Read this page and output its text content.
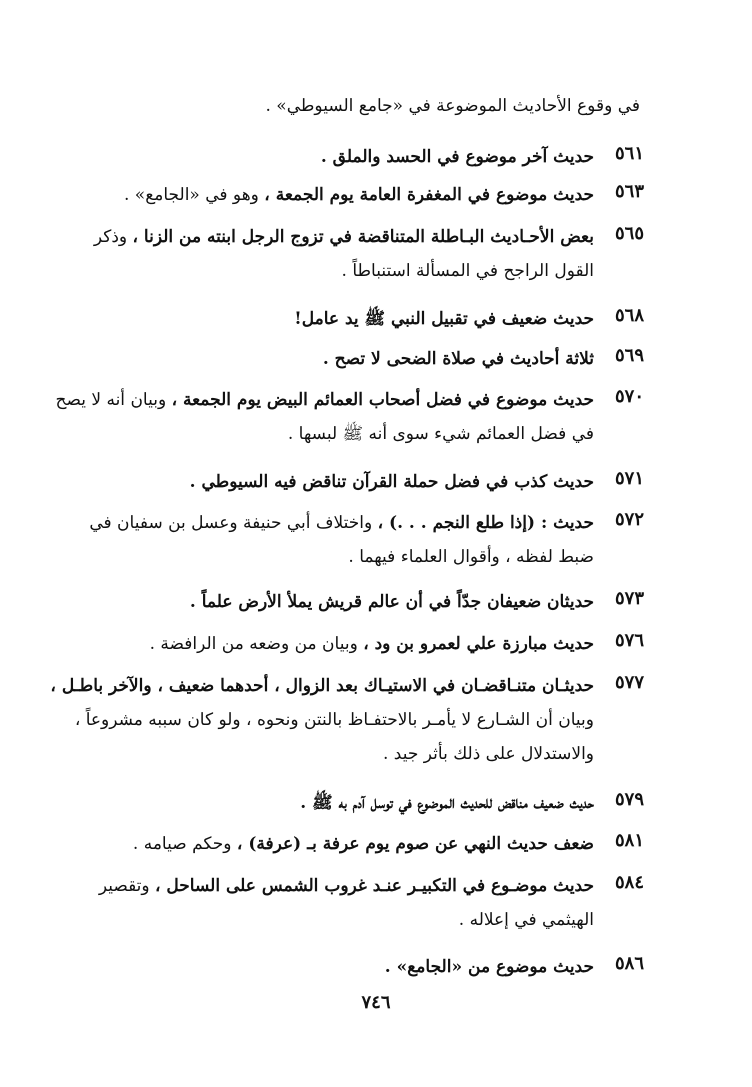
في وقوع الأحاديث الموضوعة في «جامع السيوطي» .
٥٦١
حديث آخر موضوع في الحسد والملق .
٥٦٣
حديث موضوع في المغفرة العامة يوم الجمعة ، وهو في «الجامع» .
٥٦٥
بعض الأحـاديث البـاطلة المتناقضة في تزوج الرجل ابنته من الزنا ، وذكر القول الراجح في المسألة استنباطاً .
٥٦٨
حديث ضعيف في تقبيل النبي ﷺ يد عامل!
٥٦٩
ثلاثة أحاديث في صلاة الضحى لا تصح .
٥٧٠
حديث موضوع في فضل أصحاب العمائم البيض يوم الجمعة ، وبيان أنه لا يصح في فضل العمائم شيء سوى أنه ﷺ لبسها .
٥٧١
حديث كذب في فضل حملة القرآن تناقض فيه السيوطي .
٥٧٢
حديث : (إذا طلع النجم . . .) ، واختلاف أبي حنيفة وعسل بن سفيان في ضبط لفظه ، وأقوال العلماء فيهما .
٥٧٣
حديثان ضعيفان جدّاً في أن عالم قريش يملأ الأرض علماً .
٥٧٦
حديث مبارزة علي لعمرو بن ود ، وبيان من وضعه من الرافضة .
٥٧٧
حديثـان متنـاقضـان في الاستيـاك بعد الزوال ، أحدهما ضعيف ، والآخر باطـل ، وبيان أن الشـارع لا يأمـر بالاحتفـاظ بالنتن ونحوه ، ولو كان سببه مشروعاً ، والاستدلال على ذلك بأثر جيد .
٥٧٩
حديث ضعيف مناقض للحديث الموضوع في توسل آدم به ﷺ .
٥٨١
ضعف حديث النهي عن صوم يوم عرفة بـ (عرفة) ، وحكم صيامه .
٥٨٤
حديث موضـوع في التكبيـر عنـد غروب الشمس على الساحل ، وتقصير الهيثمي في إعلاله .
٥٨٦
حديث موضوع من «الجامع» .
٧٤٦
